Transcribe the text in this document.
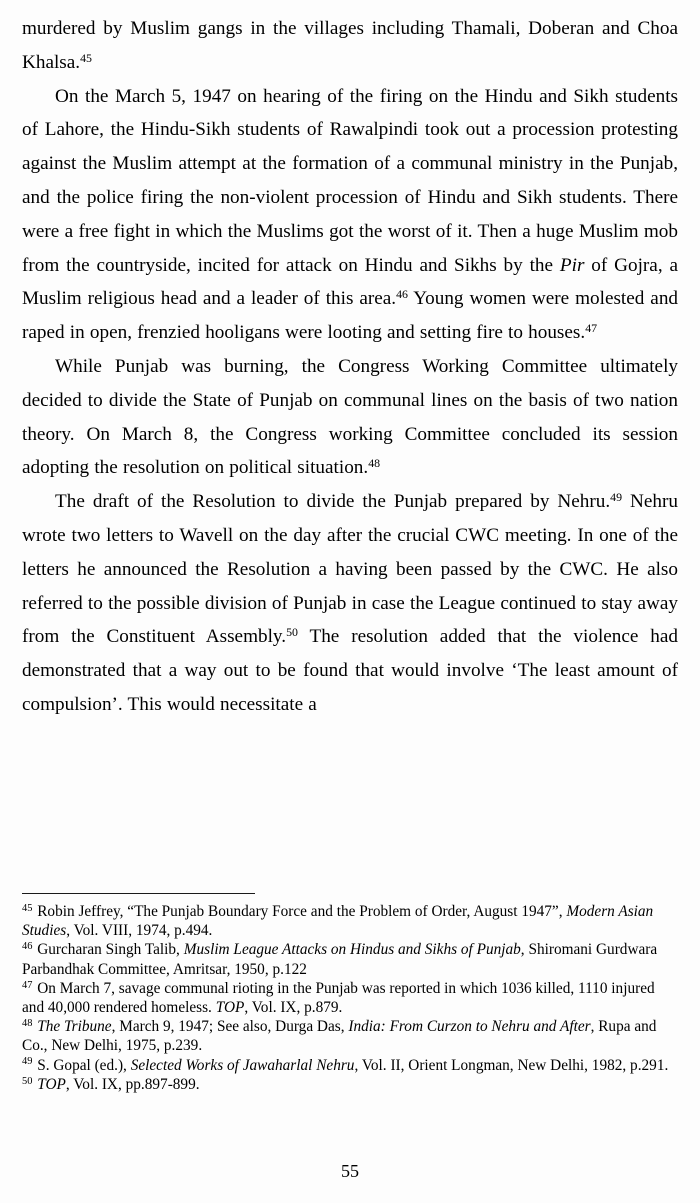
murdered by Muslim gangs in the villages including Thamali, Doberan and Choa Khalsa.$^{45}$

On the March 5, 1947 on hearing of the firing on the Hindu and Sikh students of Lahore, the Hindu-Sikh students of Rawalpindi took out a procession protesting against the Muslim attempt at the formation of a communal ministry in the Punjab, and the police firing the non-violent procession of Hindu and Sikh students. There were a free fight in which the Muslims got the worst of it. Then a huge Muslim mob from the countryside, incited for attack on Hindu and Sikhs by the Pir of Gojra, a Muslim religious head and a leader of this area.$^{46}$ Young women were molested and raped in open, frenzied hooligans were looting and setting fire to houses.$^{47}$

While Punjab was burning, the Congress Working Committee ultimately decided to divide the State of Punjab on communal lines on the basis of two nation theory. On March 8, the Congress working Committee concluded its session adopting the resolution on political situation.$^{48}$

The draft of the Resolution to divide the Punjab prepared by Nehru.$^{49}$ Nehru wrote two letters to Wavell on the day after the crucial CWC meeting. In one of the letters he announced the Resolution a having been passed by the CWC. He also referred to the possible division of Punjab in case the League continued to stay away from the Constituent Assembly.$^{50}$ The resolution added that the violence had demonstrated that a way out to be found that would involve ‘The least amount of compulsion’. This would necessitate a

$^{45}$ Robin Jeffrey, “The Punjab Boundary Force and the Problem of Order, August 1947”, Modern Asian Studies, Vol. VIII, 1974, p.494.

$^{46}$ Gurcharan Singh Talib, Muslim League Attacks on Hindus and Sikhs of Punjab, Shiromani Gurdwara Parbandhak Committee, Amritsar, 1950, p.122

$^{47}$ On March 7, savage communal rioting in the Punjab was reported in which 1036 killed, 1110 injured and 40,000 rendered homeless. TOP, Vol. IX, p.879.

$^{48}$ The Tribune, March 9, 1947; See also, Durga Das, India: From Curzon to Nehru and After, Rupa and Co., New Delhi, 1975, p.239.

$^{49}$ S. Gopal (ed.), Selected Works of Jawaharlal Nehru, Vol. II, Orient Longman, New Delhi, 1982, p.291.

$^{50}$ TOP, Vol. IX, pp.897-899.

55
